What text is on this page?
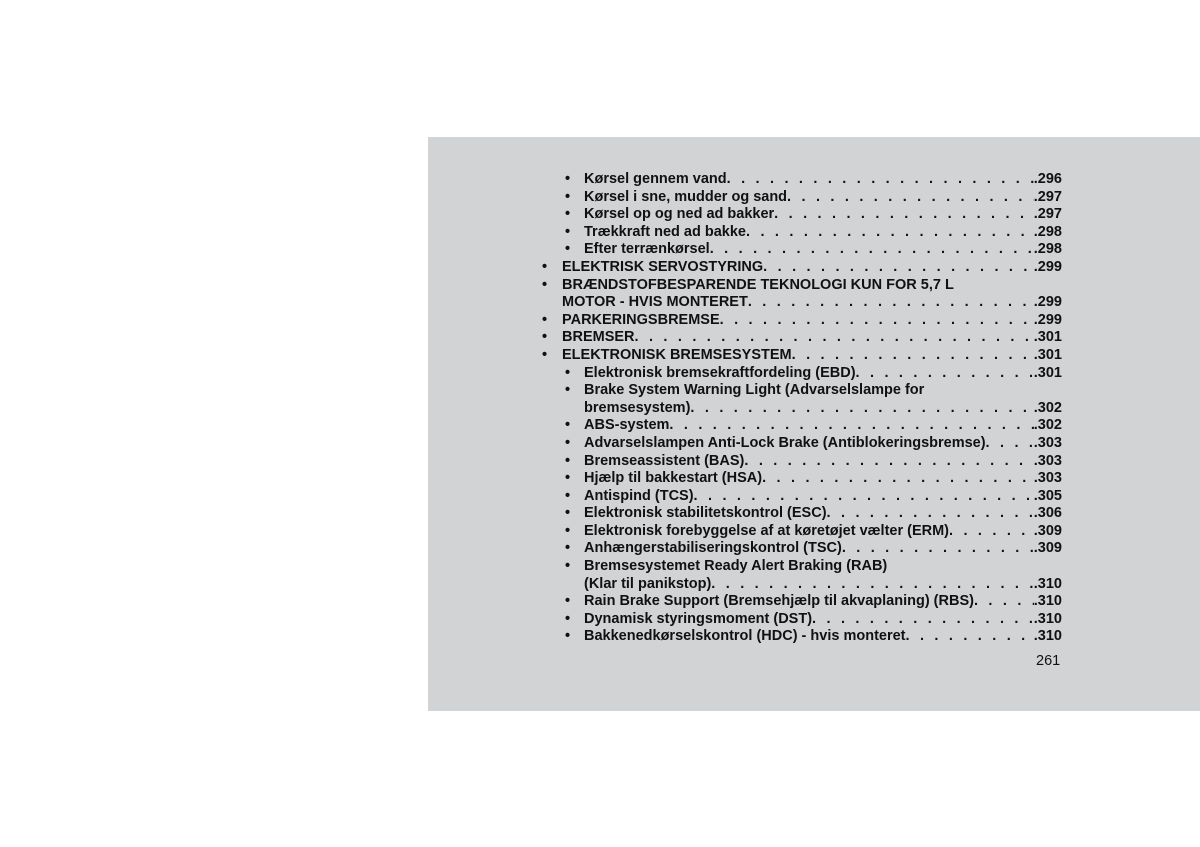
• Kørsel gennem vand . . .	.296
• Kørsel i sne, mudder og sand . . .	.297
• Kørsel op og ned ad bakker . . .	.297
• Trækkraft ned ad bakke . . .	.298
• Efter terrænkørsel . . .	.298
• ELEKTRISK SERVOSTYRING . . .	.299
• BRÆNDSTOFBESPARENDE TEKNOLOGI KUN FOR 5,7 L
MOTOR - HVIS MONTERET . . .	.299
• PARKERINGSBREMSE . . .	.299
• BREMSER . . .	.301
• ELEKTRONISK BREMSESYSTEM . . .	.301
• Elektronisk bremsekraftfordeling (EBD) . . .	.301
• Brake System Warning Light (Advarselslampe for
bremsesystem) . . .	.302
• ABS-system . . .	.302
• Advarselslampen Anti-Lock Brake (Antiblokeringsbremse) . . .	.303
• Bremseassistent (BAS) . . .	.303
• Hjælp til bakkestart (HSA) . . .	.303
• Antispind (TCS) . . .	.305
• Elektronisk stabilitetskontrol (ESC) . . .	.306
• Elektronisk forebyggelse af at køretøjet vælter (ERM) . . .	.309
• Anhængerstabiliseringskontrol (TSC) . . .	.309
• Bremsesystemet Ready Alert Braking (RAB)
(Klar til panikstop) . . .	.310
• Rain Brake Support (Bremsehjælp til akvaplaning) (RBS) . . .	.310
• Dynamisk styringsmoment (DST) . . .	.310
• Bakkenedkørselskontrol (HDC) - hvis monteret . . .	.310
261
